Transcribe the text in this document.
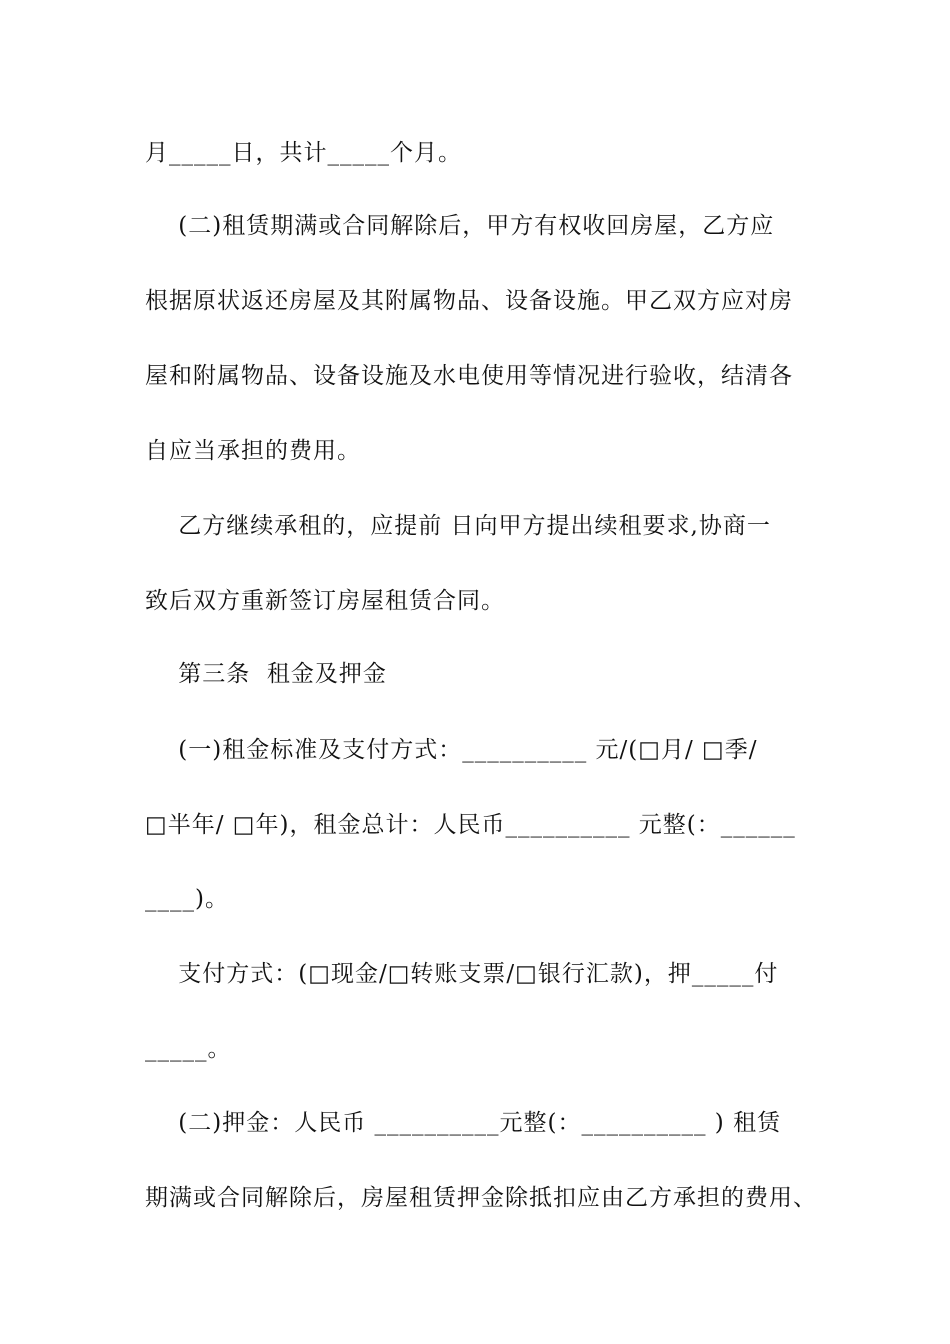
月_____日，共计_____个月。
(二)租赁期满或合同解除后，甲方有权收回房屋，乙方应
根据原状返还房屋及其附属物品、设备设施。甲乙双方应对房
屋和附属物品、设备设施及水电使用等情况进行验收，结清各
自应当承担的费用。
乙方继续承租的，应提前 日向甲方提出续租要求,协商一
致后双方重新签订房屋租赁合同。
第三条  租金及押金
(一)租金标准及支付方式：__________ 元/(□月/ □季/
□半年/ □年)，租金总计：人民币__________ 元整(：______
____)。
支付方式：(□现金/□转账支票/□银行汇款)，押_____付
_____。
(二)押金：人民币 __________元整(：__________ ) 租赁
期满或合同解除后，房屋租赁押金除抵扣应由乙方承担的费用、
